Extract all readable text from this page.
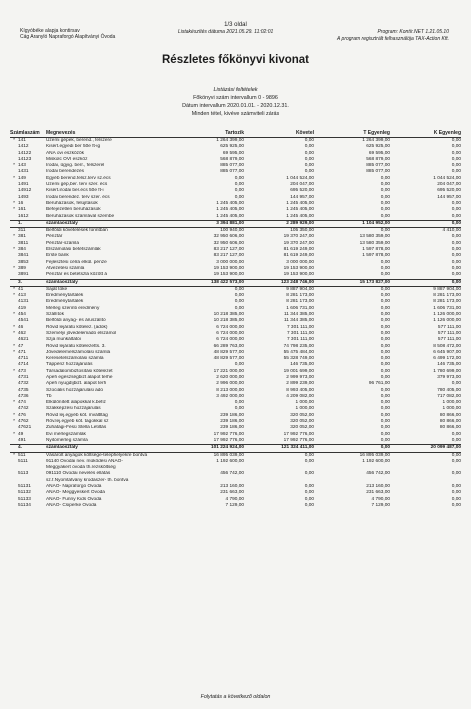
1/3 oldal
Kígyóbéke alapja kontirsav
Cág Aranyló Napraforgó Alapítványi Óvoda
Listakészítés dátuma 2021.05.29. 11:02:01	Program: Kontír.NET 1.21.05.10
A program regisztrált felhasználója TAX-Action Kft.
Részletes főkönyvi kivonat
Listázási feltételek
Főkönyvi szám intervallum 0 - 9896
Dátum intervallum 2020.01.01. - 2020.12.31.
Minden tétel, kivéve számviteli zárás
Számlaszám		Megnevezés	Tartozik	Követel	T Egyenleg	K Egyenleg
*	141	Üzemi gépek, berend., felszere	1 264 399,00	0,00	1 264 399,00	0,00
	1412	Kisért.egyedi ber 50e ft-ig	625 925,00	0,00	625 925,00	0,00
	14122	ANA ovi eszközök	69 595,00	0,00	69 595,00	0,00
	14123	Miskolc OVI eszköz	568 879,00	0,00	568 879,00	0,00
*	143	Irodai, ügyig. berr., felszerel	885 077,00	0,00	885 077,00	0,00
	1431	Irodai berendezés	885 077,00	0,00	885 077,00	0,00
*	149	Egyéb berend.felsz.terv sz.écs	0,00	1 044 524,00	0,00	1 044 524,00
	1491	Üzemi gép,ber. terv szer. écs	0,00	204 047,00	0,00	204 047,00
	14912	Kisért.irodai ber.écs 50e ft-i	0,00	695 520,00	0,00	695 520,00
	1493	Irodai berendez. terv szer. écs	0,00	144 957,00	0,00	144 957,00
*	16	Beruházások, felújítások	1 245 405,00	1 245 405,00	0,00	0,00
*	161	Befejezetlen beruházások	1 245 405,00	1 245 405,00	0,00	0,00
	1612	Beruházások számlával szembe	1 245 405,00	1 245 405,00	0,00	0,00
	1.	számlaosztály	3 394 881,00	2 289 929,00	1 104 952,00	0,00
	311	Belföldi követelések forintban	100 940,00	105 350,00	0,00	4 410,00
*	381	Pénztár	32 950 606,00	19 370 247,00	13 580 359,00	0,00
	3811	Pénztár-számla	32 950 606,00	19 370 247,00	13 580 359,00	0,00
*	384	Elszámolási betétszámlák	83 217 127,00	81 619 249,00	1 597 878,00	0,00
	3841	Erste bank	83 217 127,00	81 619 249,00	1 597 878,00	0,00
	3853	Fejlesztési célra elkül. pénze	3 000 000,00	3 000 000,00	0,00	0,00
*	389	Átvezetési számla	19 153 900,00	19 153 900,00	0,00	0,00
	3891	Pénztár és betétszla között á	19 153 900,00	19 153 900,00	0,00	0,00
	3.	számlaosztály	138 422 573,00	123 248 746,00	15 173 827,00	0,00
*	41	Saját tőke	0,00	9 887 904,00	0,00	9 887 904,00
*	413	Eredménytartalék	0,00	8 281 173,00	0,00	8 281 173,00
	4131	Eredménytartalék	0,00	8 281 173,00	0,00	8 281 173,00
	419	Mérleg szerinti eredmény	0,00	1 606 731,00	0,00	1 606 731,00
*	454	Szállítók	10 218 385,00	11 344 385,00	0,00	1 126 000,00
	4541	Belföldi anyag- és áruszálító	10 218 385,00	11 344 385,00	0,00	1 126 000,00
*	46	Rövid lejáratú kötelez. (adók)	6 724 000,00	7 301 111,00	0,00	577 111,00
*	462	Személyi jövedelemadó elszámol	6 724 000,00	7 301 111,00	0,00	577 111,00
	4621	Szja munkáltatói	6 724 000,00	7 301 111,00	0,00	577 111,00
*	47	Rövid lejáratú kötelezetts. 3.	66 289 763,00	74 798 235,00	0,00	8 508 472,00
*	471	Jövedelemelszámolási számla	48 829 577,00	55 475 484,00	0,00	6 645 907,00
	4711	Keresetelszámolási számla	48 829 577,00	55 328 749,00	0,00	6 499 172,00
	4714	Táppénz hozzájárulás	0,00	146 735,00	0,00	146 735,00
*	473	Társadalombiztosítási kötelezet	17 221 000,00	19 001 699,00	0,00	1 780 699,00
	4731	Apeh egészségbizt alapot terhe	2 620 000,00	2 999 973,00	0,00	379 973,00
	4732	Apeh nyugdíjbizt. alapot terh	2 996 000,00	2 899 239,00	96 761,00	0,00
	4735	Szociális hozzájárulási adó	8 213 000,00	8 993 405,00	0,00	780 405,00
	4736	Tb	3 492 000,00	4 209 082,00	0,00	717 082,00
*	474	Elkülönített alapokkal k.befiz	0,00	1 000,00	0,00	1 000,00
	4742	Szakképzési hozzájárulás	0,00	1 000,00	0,00	1 000,00
*	476	Rövid lej.egyéb köt. mváltltag	239 186,00	320 052,00	0,00	80 866,00
*	4762	Röv.lej.egyéb köt. tagokkal sz	239 186,00	320 052,00	0,00	80 866,00
	47621	Zuhatagi-Fésű Stella Letiltás	239 186,00	320 052,00	0,00	80 866,00
*	49	Évi mérlegszámlák	17 992 776,00	17 992 776,00	0,00	0,00
	491	Nyitómérleg számla	17 992 776,00	17 992 776,00	0,00	0,00
	4.	számlaosztály	101 224 924,00	121 324 411,00	0,00	20 099 487,00
*	511	Vásárolt anyagok költsége-telephelyekre bontva	16 895 039,00	0,00	16 895 039,00	0,00
	5111	91140 Óvodai nev. működési ANAÖ-	1 192 600,00	0,00	1 192 600,00	0,00
		Meggyakert óvoda th.rezsköltség				
	5113	091110 Óvodai nevelés ellátás	456 742,00	0,00	456 742,00	0,00
		sz.f.Nyomtatvány krodaszer- th. bontva				
	51131	ANAÖ- Napraforgó Óvoda	213 160,00	0,00	213 160,00	0,00
	51132	ANAÖ- Meggyeskert Óvoda	231 663,00	0,00	231 663,00	0,00
	51133	ANAÖ- Funny Kids Óvoda	4 790,00	0,00	4 790,00	0,00
	51134	ANAÖ- Csiperke Óvoda	7 129,00	0,00	7 129,00	0,00
Folytatás a következő oldalon
